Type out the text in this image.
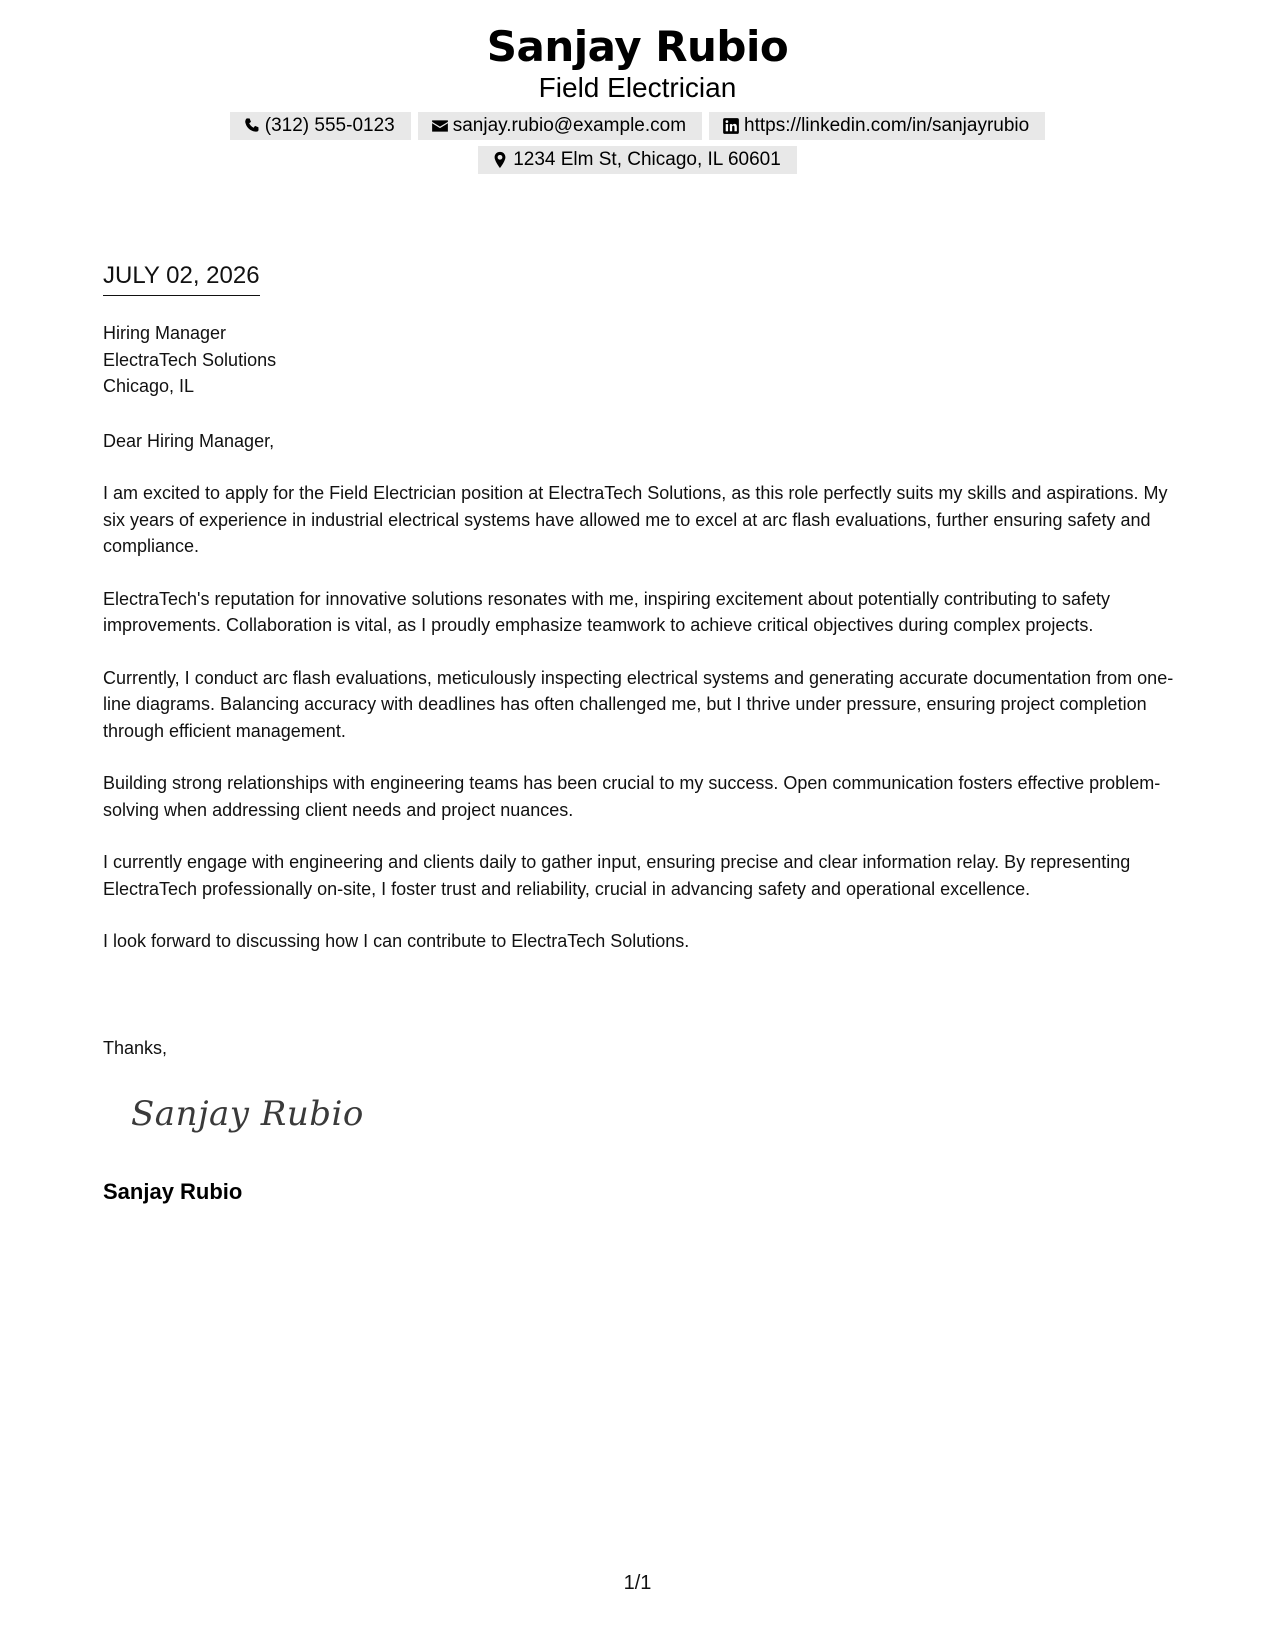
Sanjay Rubio
Field Electrician
(312) 555-0123	sanjay.rubio@example.com	https://linkedin.com/in/sanjayrubio
1234 Elm St, Chicago, IL 60601
JULY 02, 2026
Hiring Manager
ElectraTech Solutions
Chicago, IL
Dear Hiring Manager,

I am excited to apply for the Field Electrician position at ElectraTech Solutions, as this role perfectly suits my skills and aspirations. My six years of experience in industrial electrical systems have allowed me to excel at arc flash evaluations, further ensuring safety and compliance.

ElectraTech's reputation for innovative solutions resonates with me, inspiring excitement about potentially contributing to safety improvements. Collaboration is vital, as I proudly emphasize teamwork to achieve critical objectives during complex projects.

Currently, I conduct arc flash evaluations, meticulously inspecting electrical systems and generating accurate documentation from one-line diagrams. Balancing accuracy with deadlines has often challenged me, but I thrive under pressure, ensuring project completion through efficient management.

Building strong relationships with engineering teams has been crucial to my success. Open communication fosters effective problem-solving when addressing client needs and project nuances.

I currently engage with engineering and clients daily to gather input, ensuring precise and clear information relay. By representing ElectraTech professionally on-site, I foster trust and reliability, crucial in advancing safety and operational excellence.

I look forward to discussing how I can contribute to ElectraTech Solutions.

Thanks,
Sanjay Rubio
Sanjay Rubio
1/1
